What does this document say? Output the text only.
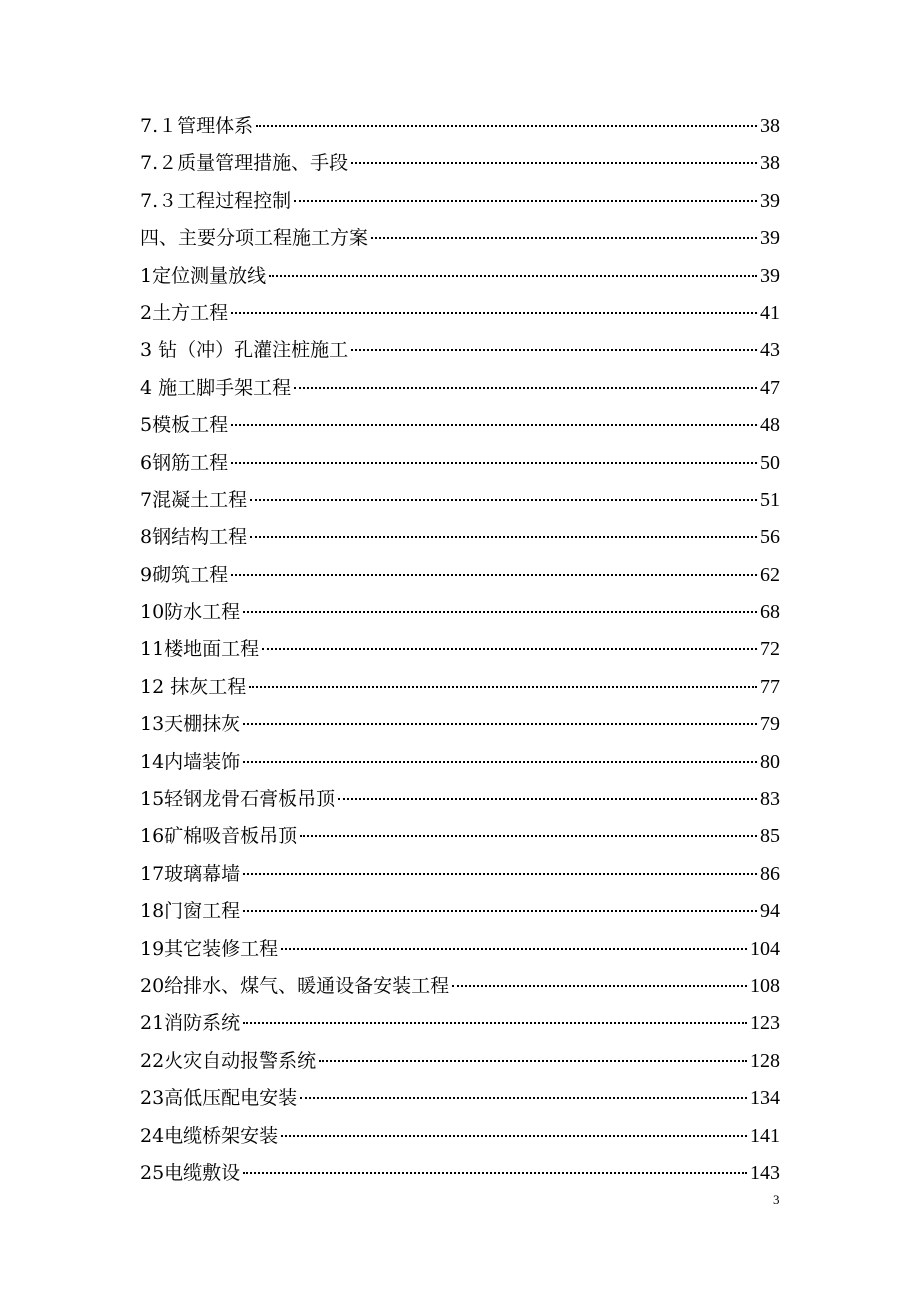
7.１管理体系	38
7.２质量管理措施、手段	38
7.３工程过程控制	39
四、主要分项工程施工方案	39
1定位测量放线	39
2土方工程	41
3 钻（冲）孔灌注桩施工	43
4 施工脚手架工程	47
5模板工程	48
6钢筋工程	50
7混凝土工程	51
8钢结构工程	56
9砌筑工程	62
10防水工程	68
11楼地面工程	72
12 抹灰工程	77
13天棚抹灰	79
14内墙装饰	80
15轻钢龙骨石膏板吊顶	83
16矿棉吸音板吊顶	85
17玻璃幕墙	86
18门窗工程	94
19其它装修工程	104
20给排水、煤气、暖通设备安装工程	108
21消防系统	123
22火灾自动报警系统	128
23高低压配电安装	134
24电缆桥架安装	141
25电缆敷设	143
3
